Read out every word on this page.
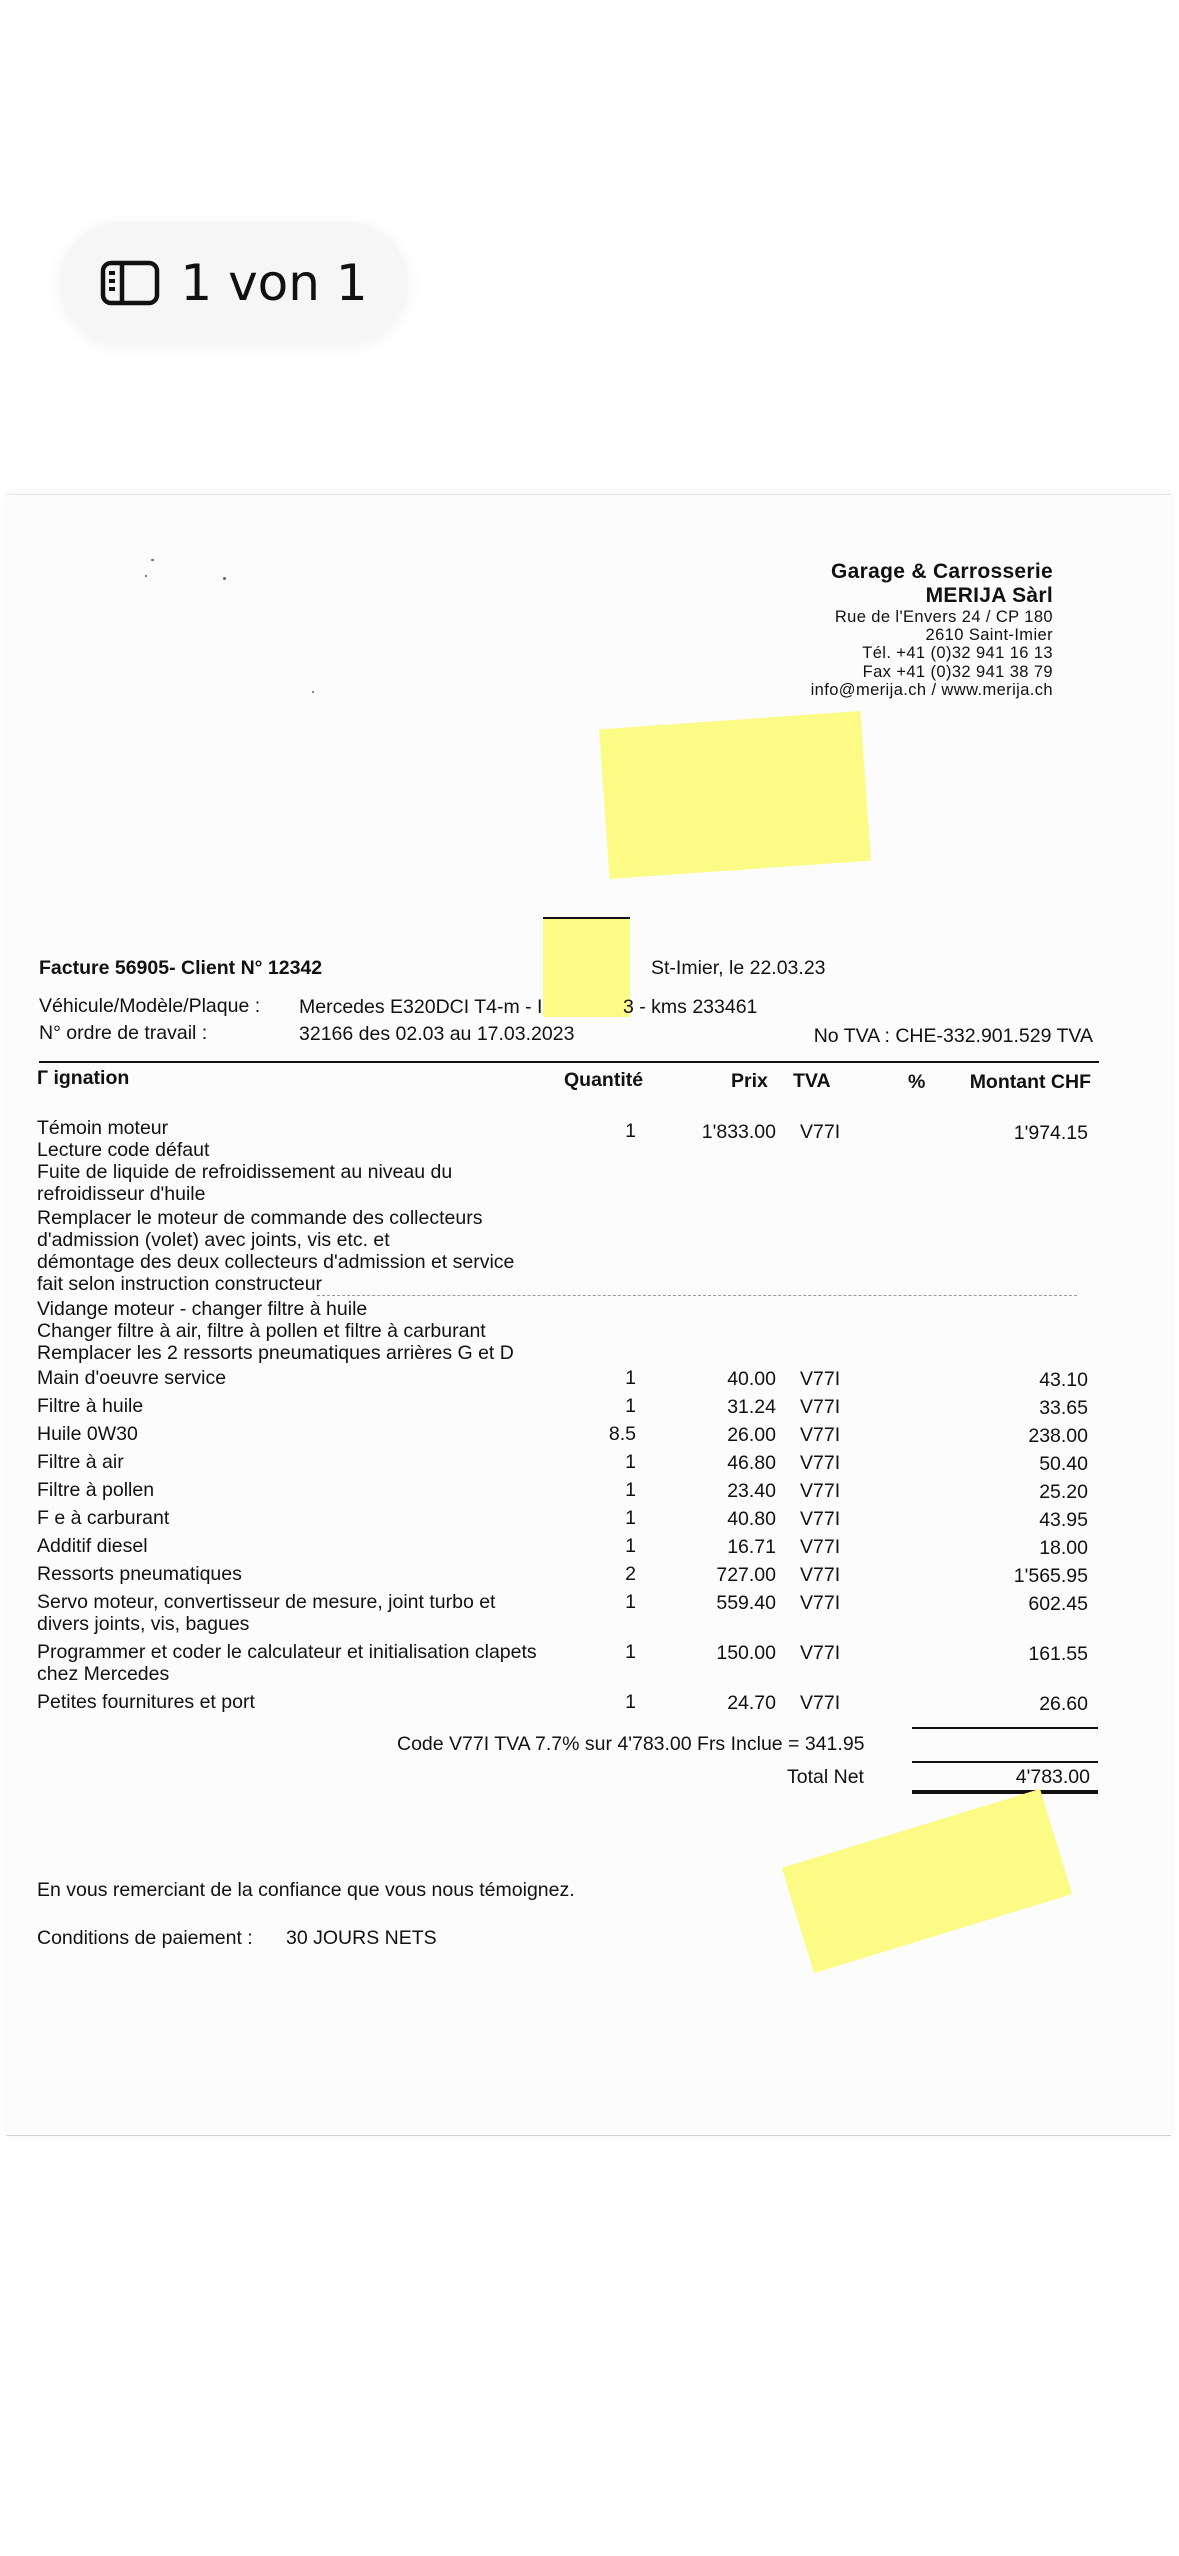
1 von 1
Garage & Carrosserie
MERIJA Sàrl
Rue de l'Envers 24 / CP 180
2610 Saint-Imier
Tél. +41 (0)32 941 16 13
Fax +41 (0)32 941 38 79
info@merija.ch / www.merija.ch
Facture 56905- Client N° 12342	St-Imier, le 22.03.23
Véhicule/Modèle/Plaque : Mercedes E320DCI T4-m - I	3 - kms 233461
N° ordre de travail :	32166 des 02.03 au 17.03.2023	No TVA : CHE-332.901.529 TVA
Г ignation	Quantité	Prix TVA	% Montant CHF
Témoin moteur
Lecture code défaut
Fuite de liquide de refroidissement au niveau du
refroidisseur d'huile
Remplacer le moteur de commande des collecteurs
d'admission (volet) avec joints, vis etc. et
démontage des deux collecteurs d'admission et service
fait selon instruction constructeur
Vidange moteur - changer filtre à huile
Changer filtre à air, filtre à pollen et filtre à carburant
Remplacer les 2 ressorts pneumatiques arrières G et D
1	1'833.00 V77I	1'974.15
Main d'oeuvre service	1	40.00 V77I	43.10
Filtre à huile	1	31.24 V77I	33.65
Huile 0W30	8.5	26.00 V77I	238.00
Filtre à air	1	46.80 V77I	50.40
Filtre à pollen	1	23.40 V77I	25.20
F e à carburant	1	40.80 V77I	43.95
Additif diesel	1	16.71 V77I	18.00
Ressorts pneumatiques	2	727.00 V77I	1'565.95
Servo moteur, convertisseur de mesure, joint turbo et
divers joints, vis, bagues
1	559.40 V77I	602.45
Programmer et coder le calculateur et initialisation clapets
chez Mercedes
1	150.00 V77I	161.55
Petites fournitures et port	1	24.70 V77I	26.60
Code V77I TVA 7.7% sur 4'783.00 Frs Inclue = 341.95
Total Net	4'783.00
En vous remerciant de la confiance que vous nous témoignez.
Conditions de paiement : 30 JOURS NETS
